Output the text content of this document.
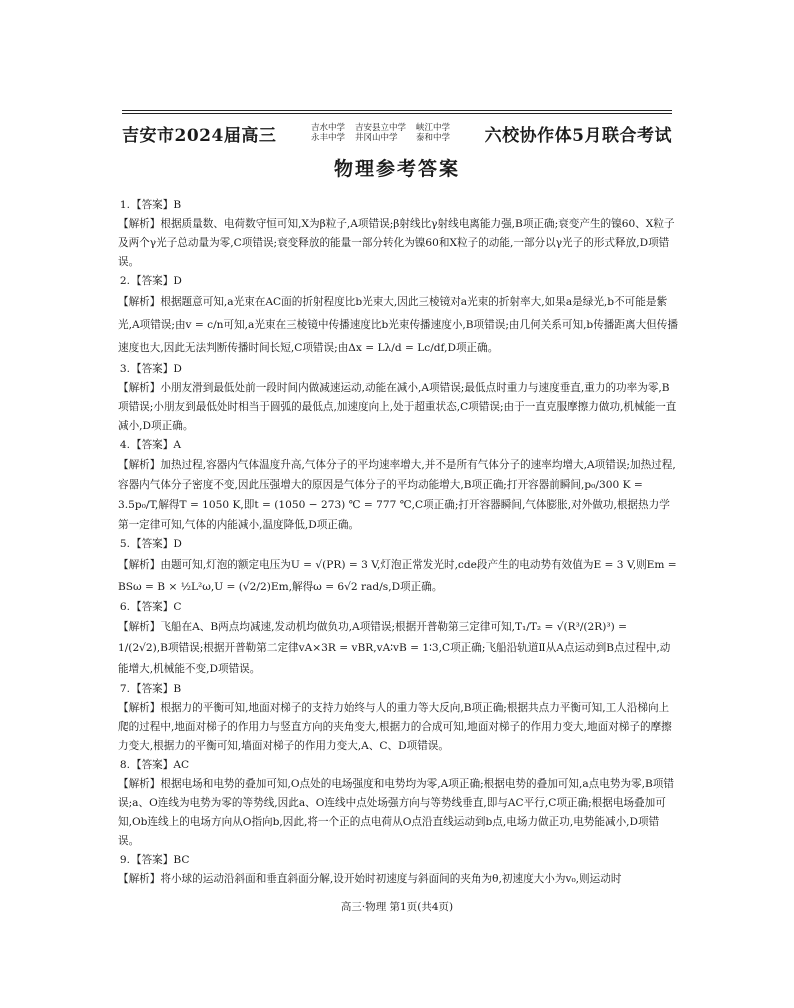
吉安市2024届高三	吉水中学
永丰中学
吉安县立中学
井冈山中学
峡江中学
泰和中学 六校协作体5月联合考试
物理参考答案
1. 【答案】B
【解析】根据质量数、电荷数守恒可知,X为β粒子,A项错误;β射线比γ射线电离能力强,B项正确;衰变产生的镍60、X粒子及两个γ光子总动量为零,C项错误;衰变释放的能量一部分转化为镍60和X粒子的动能,一部分以γ光子的形式释放,D项错误。
2. 【答案】D
【解析】根据题意可知,a光束在AC面的折射程度比b光束大,因此三棱镜对a光束的折射率大,如果a是绿光,b不可能是紫光,A项错误;由v = c/n可知,a光束在三棱镜中传播速度比b光束传播速度小,B项错误;由几何关系可知,b传播距离大但传播速度也大,因此无法判断传播时间长短,C项错误;由Δx = Lλ/d = Lc/df,D项正确。
3. 【答案】D
【解析】小朋友滑到最低处前一段时间内做减速运动,动能在减小,A项错误;最低点时重力与速度垂直,重力的功率为零,B项错误;小朋友到最低处时相当于圆弧的最低点,加速度向上,处于超重状态,C项错误;由于一直克服摩擦力做功,机械能一直减小,D项正确。
4. 【答案】A
【解析】加热过程,容器内气体温度升高,气体分子的平均速率增大,并不是所有气体分子的速率均增大,A项错误;加热过程,容器内气体分子密度不变,因此压强增大的原因是气体分子的平均动能增大,B项正确;打开容器前瞬间,p₀/300 K = 3.5p₀/T,解得T = 1050 K,即t = (1050 − 273) ℃ = 777 ℃,C项正确;打开容器瞬间,气体膨胀,对外做功,根据热力学第一定律可知,气体的内能减小,温度降低,D项正确。
5. 【答案】D
【解析】由题可知,灯泡的额定电压为U = √(PR) = 3 V,灯泡正常发光时,cde段产生的电动势有效值为E = 3 V,则Em = BSω = B × ½L²ω,U = (√2/2)Em,解得ω = 6√2 rad/s,D项正确。
6. 【答案】C
【解析】飞船在A、B两点均减速,发动机均做负功,A项错误;根据开普勒第三定律可知,T₁/T₂ = √(R³/(2R)³) = 1/(2√2),B项错误;根据开普勒第二定律vA×3R = vBR,vA∶vB = 1∶3,C项正确;飞船沿轨道Ⅱ从A点运动到B点过程中,动能增大,机械能不变,D项错误。
7. 【答案】B
【解析】根据力的平衡可知,地面对梯子的支持力始终与人的重力等大反向,B项正确;根据共点力平衡可知,工人沿梯向上爬的过程中,地面对梯子的作用力与竖直方向的夹角变大,根据力的合成可知,地面对梯子的作用力变大,地面对梯子的摩擦力变大,根据力的平衡可知,墙面对梯子的作用力变大,A、C、D项错误。
8. 【答案】AC
【解析】根据电场和电势的叠加可知,O点处的电场强度和电势均为零,A项正确;根据电势的叠加可知,a点电势为零,B项错误;a、O连线为电势为零的等势线,因此a、O连线中点处场强方向与等势线垂直,即与AC平行,C项正确;根据电场叠加可知,Ob连线上的电场方向从O指向b,因此,将一个正的点电荷从O点沿直线运动到b点,电场力做正功,电势能减小,D项错误。
9. 【答案】BC
【解析】将小球的运动沿斜面和垂直斜面分解,设开始时初速度与斜面间的夹角为θ,初速度大小为v₀,则运动时
高三·物理 第1页(共4页)
